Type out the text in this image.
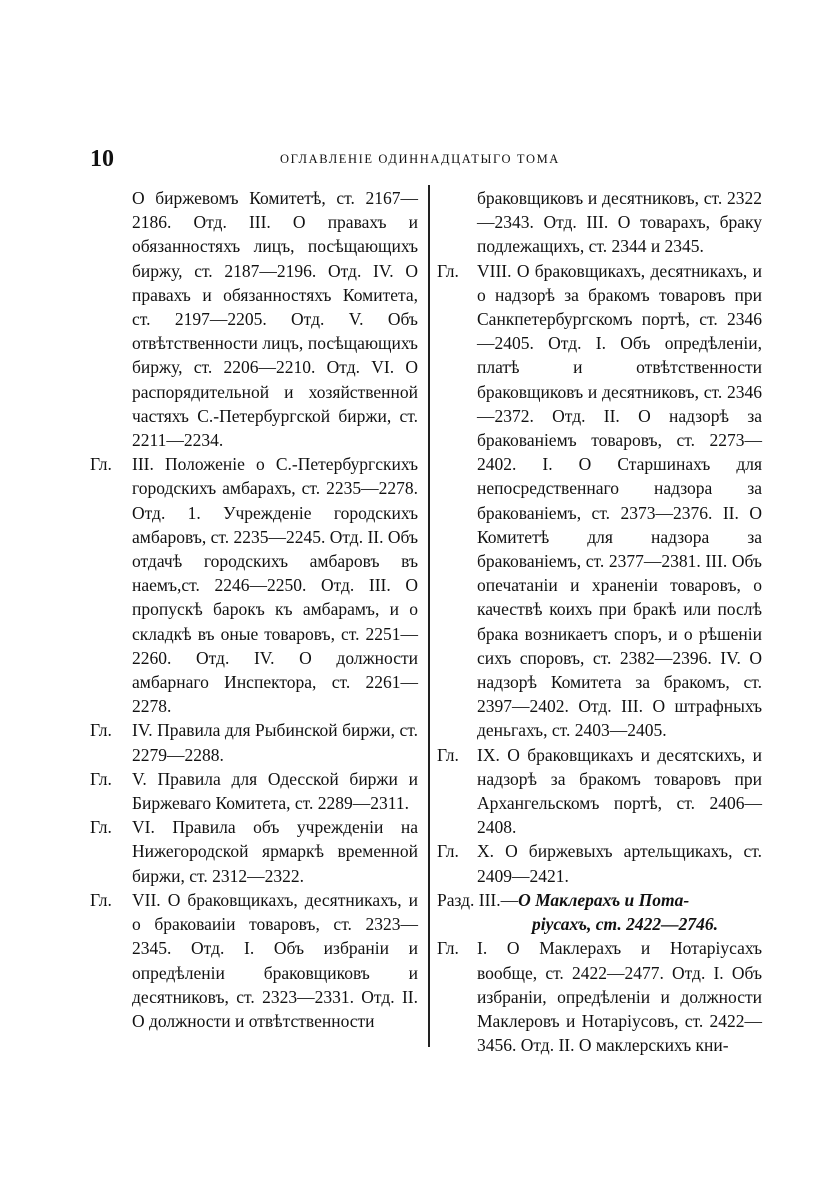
10	ОГЛАВЛЕНІЕ ОДИННАДЦАТЫГО ТОМА
О биржевомъ Комитетѣ, ст. 2167—2186. Отд. III. О правахъ и обязанностяхъ лицъ, посѣщающихъ биржу, ст. 2187—2196. Отд. IV. О правахъ и обязанностяхъ Комитета, ст. 2197—2205. Отд. V. Объ отвѣтственности лицъ, посѣщающихъ биржу, ст. 2206—2210. Отд. VI. О распорядительной и хозяйственной частяхъ С.-Петербургской биржи, ст. 2211—2234.
Гл. III. Положеніе о С.-Петербургскихъ городскихъ амбарахъ, ст. 2235—2278. Отд. 1. Учрежденіе городскихъ амбаровъ, ст. 2235—2245. Отд. II. Объ отдачѣ городскихъ амбаровъ въ наемъ,ст. 2246—2250. Отд. III. О пропускѣ барокъ къ амбарамъ, и о складкѣ въ оные товаровъ, ст. 2251—2260. Отд. IV. О должности амбарнаго Инспектора, ст. 2261—2278.
Гл. IV. Правила для Рыбинской биржи, ст. 2279—2288.
Гл. V. Правила для Одесской биржи и Биржеваго Комитета, ст. 2289—2311.
Гл. VI. Правила объ учрежденіи на Нижегородской ярмаркѣ временной биржи, ст. 2312—2322.
Гл. VII. О браковщикахъ, десятникахъ, и о браковаиіи товаровъ, ст. 2323—2345. Отд. I. Объ избраніи и опредѣленіи браковщиковъ и десятниковъ, ст. 2323—2331. Отд. II. О должности и отвѣтственности
браковщиковъ и десятниковъ, ст. 2322—2343. Отд. III. О товарахъ, браку подлежащихъ, ст. 2344 и 2345.
Гл. VIII. О браковщикахъ, десятникахъ, и о надзорѣ за бракомъ товаровъ при Санкпетербургскомъ портѣ, ст. 2346—2405. Отд. I. Объ опредѣленіи, платѣ и отвѣтственности браковщиковъ и десятниковъ, ст. 2346—2372. Отд. II. О надзорѣ за бракованіемъ товаровъ, ст. 2273—2402. I. О Старшинахъ для непосредственнаго надзора за бракованіемъ, ст. 2373—2376. II. О Комитетѣ для надзора за бракованіемъ, ст. 2377—2381. III. Объ опечатаніи и храненіи товаровъ, о качествѣ коихъ при бракѣ или послѣ брака возникаетъ споръ, и о рѣшеніи сихъ споровъ, ст. 2382—2396. IV. О надзорѣ Комитета за бракомъ, ст. 2397—2402. Отд. III. О штрафныхъ деньгахъ, ст. 2403—2405.
Гл. IX. О браковщикахъ и десятскихъ, и надзорѣ за бракомъ товаровъ при Архангельскомъ портѣ, ст. 2406—2408.
Гл. X. О биржевыхъ артельщикахъ, ст. 2409—2421.
Разд. III.—О Маклерахъ и Пота-
ріусахъ, ст. 2422—2746.
Гл. I. О Маклерахъ и Нотаріусахъ вообще, ст. 2422—2477. Отд. I. Объ избраніи, опредѣленіи и должности Маклеровъ и Нотаріусовъ, ст. 2422—3456. Отд. II. О маклерскихъ кни-
